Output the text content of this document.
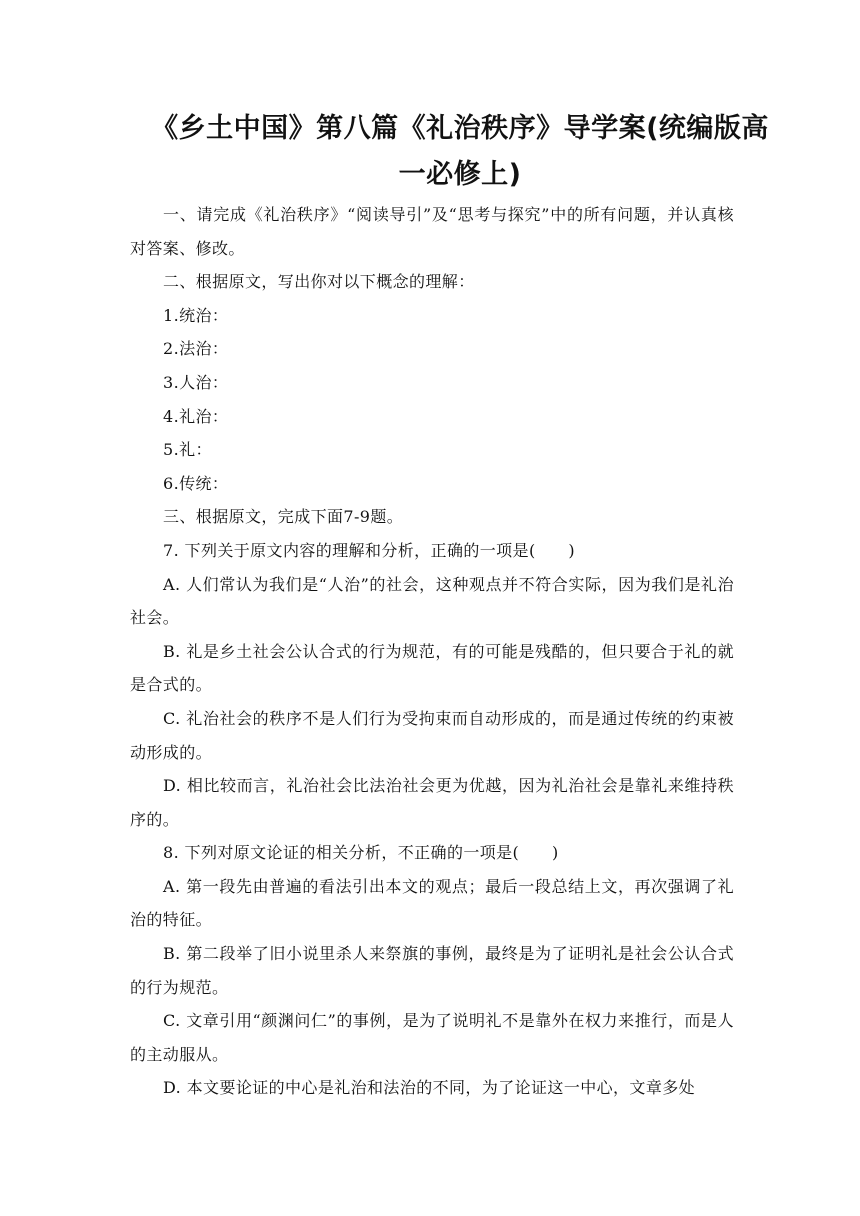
《乡土中国》第八篇《礼治秩序》导学案(统编版高一必修上)

一、请完成《礼治秩序》“阅读导引”及“思考与探究”中的所有问题，并认真核对答案、修改。

二、根据原文，写出你对以下概念的理解：

1.统治：

2.法治：

3.人治：

4.礼治：

5.礼：

6.传统：

三、根据原文，完成下面7-9题。

7. 下列关于原文内容的理解和分析，正确的一项是(　　)

A. 人们常认为我们是“人治”的社会，这种观点并不符合实际，因为我们是礼治社会。

B. 礼是乡土社会公认合式的行为规范，有的可能是残酷的，但只要合于礼的就是合式的。

C. 礼治社会的秩序不是人们行为受拘束而自动形成的，而是通过传统的约束被动形成的。

D. 相比较而言，礼治社会比法治社会更为优越，因为礼治社会是靠礼来维持秩序的。

8. 下列对原文论证的相关分析，不正确的一项是(　　)

A. 第一段先由普遍的看法引出本文的观点；最后一段总结上文，再次强调了礼治的特征。

B. 第二段举了旧小说里杀人来祭旗的事例，最终是为了证明礼是社会公认合式的行为规范。

C. 文章引用“颜渊问仁”的事例，是为了说明礼不是靠外在权力来推行，而是人的主动服从。

D. 本文要论证的中心是礼治和法治的不同，为了论证这一中心，文章多处
